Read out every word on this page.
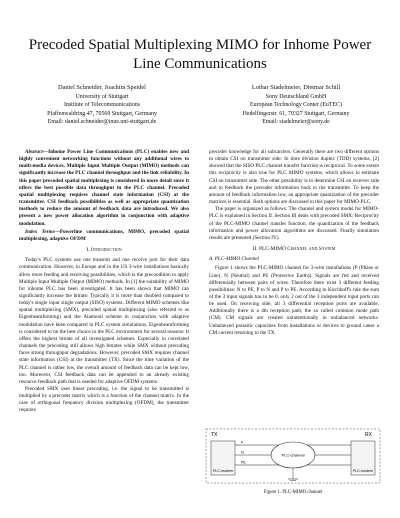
Precoded Spatial Multiplexing MIMO for Inhome Power Line Communications
Daniel Schneider, Joachim Speidel
University of Stuttgart
Institute of Telecommunications
Pfaffenwaldring 47, 70569 Stuttgart, Germany
Email: daniel.schneider@inue.uni-stuttgart.de
Lothar Stadelmeier, Dietmar Schill
Sony Deutschland GmbH
European Technology Center (EuTEC)
Hedelfingerstr. 61, 70327 Stuttgart, Germany
Email: stadelmeier@sony.de

Abstract—Inhome Power Line Communications (PLC) enables new and highly convenient networking functions without any additional wires to multi-media devices. Multiple Input Multiple Output (MIMO) methods can significantly increase the PLC channel throughput and the link reliability. In this paper precoded spatial multiplexing is considered in more detail since it offers the best possible data throughput in the PLC channel. Precoded spatial multiplexing requires channel state information (CSI) at the transmitter. CSI feedback possibilities as well as appropriate quantization methods to reduce the amount of feedback data are introduced. We also present a new power allocation algorithm in conjunction with adaptive modulation.

Index Terms—Powerline communications, MIMO, precoded spatial multiplexing, adaptive OFDM

I. Introduction

Today's PLC systems use one transmit and one receive port for their data communication. However, in Europe and in the US 3-wire installations basically allow more feeding and receiving possibilities, which is the precondition to apply Multiple Input Multiple Output (MIMO) methods. In [1] the suitability of MIMO for inhome PLC has been investigated. It has been shown that MIMO can significantly increase the bitrate: Typically it is more than doubled compared to today's single input single output (SISO) systems. Different MIMO schemes like spatial multiplexing (SMX), precoded spatial multiplexing (also referred to as Eigenbeamforming) and the Alamouti scheme in conjunction with adaptive modulation have been compared in PLC system simulations. Eigenbeamforming is considered to be the best choice in the PLC environment for several reasons: It offers the highest bitrate of all investigated schemes. Especially in correlated channels the precoding still allows high bitrates while SMX without precoding faces strong throughput degradations. However, precoded SMX requires channel state information (CSI) at the transmitter (TX). Since the time variation of the PLC channel is rather low, the overall amount of feedback data can be kept low, too. Moreover, CSI feedback data can be appended to an already existing resource feedback path that is needed for adaptive OFDM systems.

Precoded SMX uses linear precoding, i.e. the signal to be transmitted is multiplied by a precoder matrix which is a function of the channel matrix. In the case of orthogonal frequency division multiplexing (OFDM), the transmitter requires

precoder knowledge for all subcarriers. Generally there are two different options to obtain CSI on transmitter side: In time division duplex (TDD) systems, [2] showed that the SISO PLC channel transfer function is reciprocal. To some extent this reciprocity is also true for PLC MIMO systems, which allows to estimate CSI on transmitter side. The other possibility is to determine CSI on receiver side and to feedback the precoder information back to the transmitter. To keep the amount of feedback information low, an appropriate quantization of the precoder matrices is essential. Both options are discussed in this paper for MIMO-PLC.

The paper is organized as follows: The channel and system model for MIMO-PLC is explained in Section II. Section III deals with precoded SMX: Reciprocity of the PLC-MIMO channel transfer function, the quantization of the feedback information and power allocation algorithms are discussed. Finally simulation results are presented (Section IV).

II. PLC-MIMO Channel and System
A. PLC-MIMO Channel

Figure 1 shows the PLC-MIMO channel for 3-wire installations (P (Phase or Line), N (Neutral) and PE (Protective Earth)). Signals are fed and received differentially between pairs of wires. Therefore there exist 3 different feeding possibilities: N to PE, P to N and P to PE. According to Kirchhoff's rule the sum of the 3 input signals has to be 0, only 2 out of the 3 independent input ports can be used. On receiving side, all 3 differential reception ports are available. Additionally there is a 4th reception path, the so called common mode path (CM). CM signals are created unintentionally in unbalanced networks. Unbalanced parasitic capacities from installations or devices to ground cause a CM current returning to the TX.

TX	RX
PLC-modem	PLC-modem
P
N
PE
PLC-channel
Figure 1. PLC-MIMO channel
